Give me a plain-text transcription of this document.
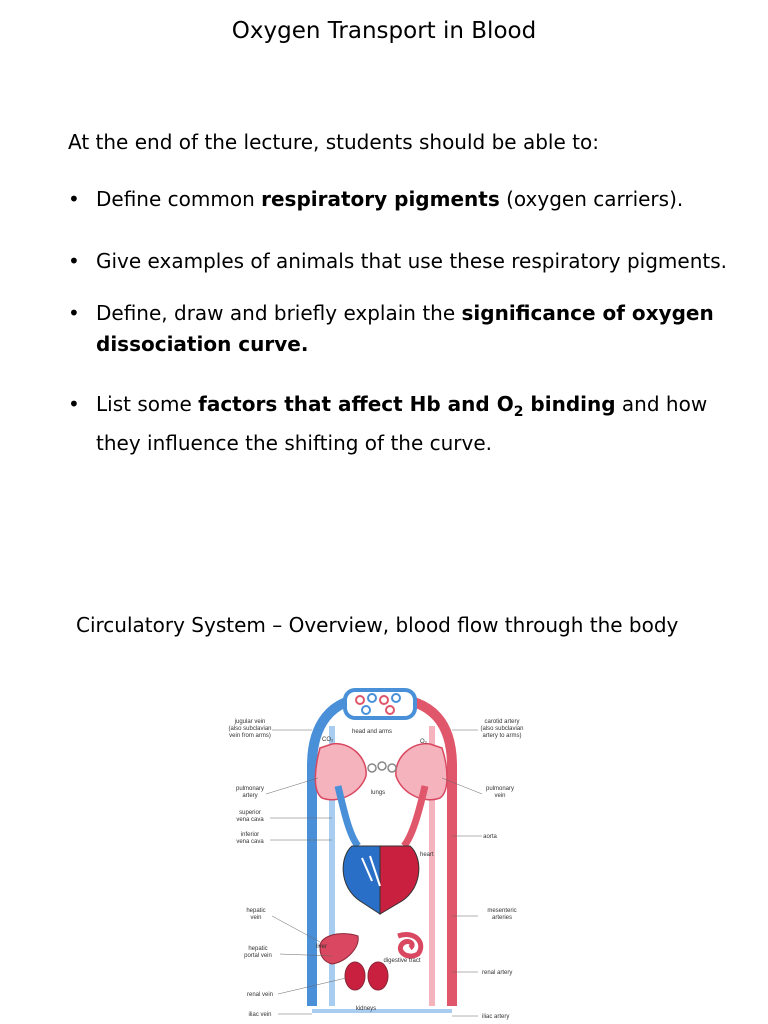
Oxygen Transport in Blood
At the end of the lecture, students should be able to:
• Define common respiratory pigments (oxygen carriers).
• Give examples of animals that use these respiratory pigments.
• Define, draw and briefly explain the significance of oxygen dissociation curve.
• List some factors that affect Hb and $O_2$ binding and how they influence the shifting of the curve.
Circulatory System – Overview, blood flow through the body
jugular vein
(also subclavian
vein from arms)
head and arms
CO₂	O₂
carotid artery
(also subclavian
artery to arms)
pulmonary
artery	lungs
pulmonary
vein
superior
vena cava
inferior
vena cava
aorta
heart
hepatic
vein
mesenteric
arteries
liver
hepatic
portal vein
digestive tract
renal artery
renal vein
kidneys
iliac vein	iliac artery
